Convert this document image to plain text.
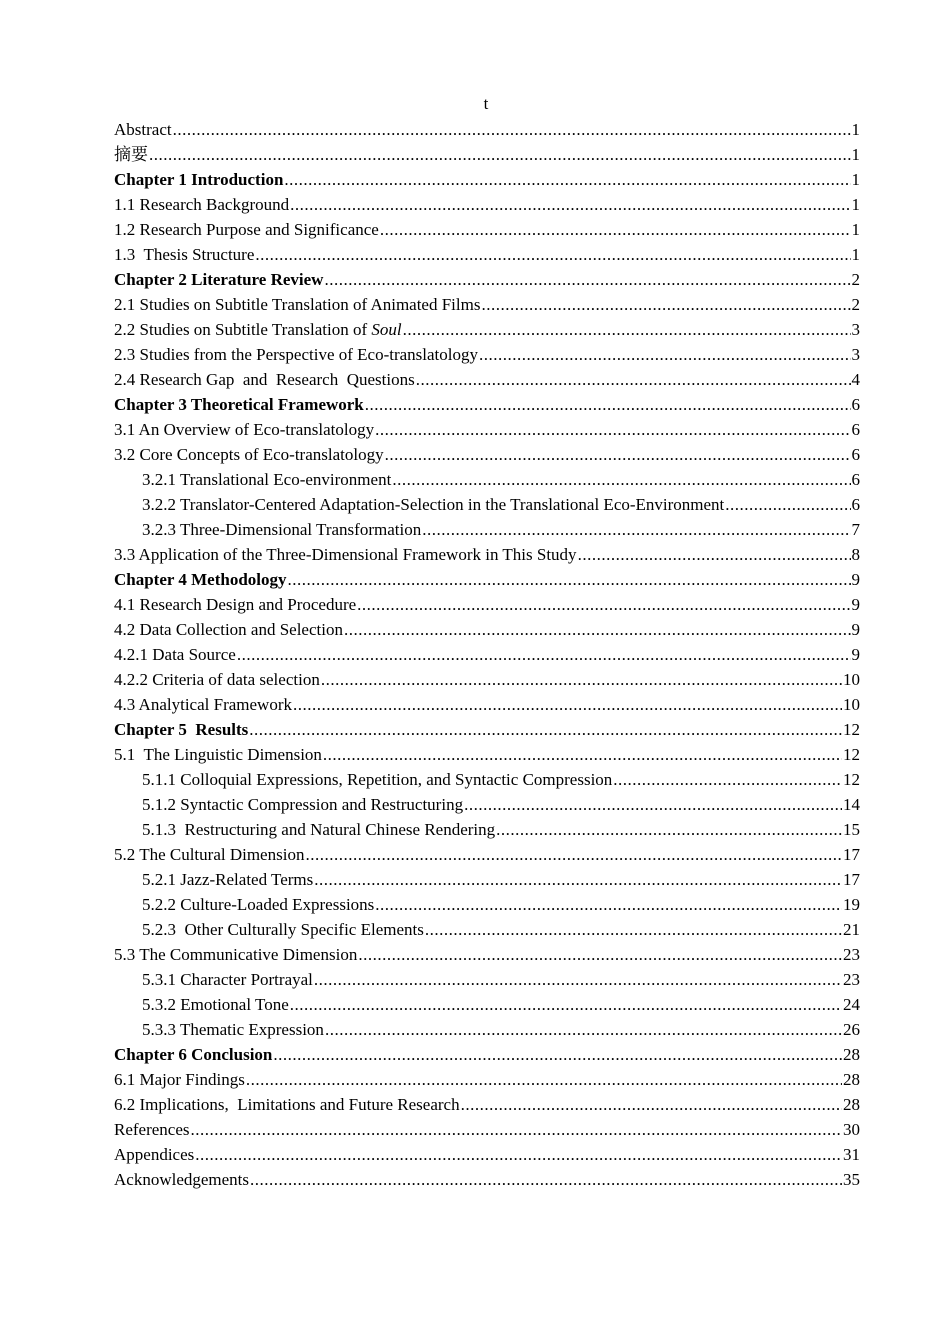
t
Abstract .....	1
摘要 .....	1
Chapter 1 Introduction .....	1
1.1 Research Background .....	1
1.2 Research Purpose and Significance .....	1
1.3  Thesis Structure .....	1
Chapter 2 Literature Review .....	2
2.1 Studies on Subtitle Translation of Animated Films .....	2
2.2 Studies on Subtitle Translation of Soul .....	3
2.3 Studies from the Perspective of Eco-translatology .....	3
2.4 Research Gap  and  Research  Questions .....	4
Chapter 3 Theoretical Framework .....	6
3.1 An Overview of Eco-translatology .....	6
3.2 Core Concepts of Eco-translatology .....	6
3.2.1 Translational Eco-environment .....	6
3.2.2 Translator-Centered Adaptation-Selection in the Translational Eco-Environment .....	6
3.2.3 Three-Dimensional Transformation .....	7
3.3 Application of the Three-Dimensional Framework in This Study .....	8
Chapter 4 Methodology .....	9
4.1 Research Design and Procedure .....	9
4.2 Data Collection and Selection .....	9
4.2.1 Data Source .....	9
4.2.2 Criteria of data selection .....	10
4.3 Analytical Framework .....	10
Chapter 5  Results .....	12
5.1  The Linguistic Dimension .....	12
5.1.1 Colloquial Expressions, Repetition, and Syntactic Compression .....	12
5.1.2 Syntactic Compression and Restructuring .....	14
5.1.3  Restructuring and Natural Chinese Rendering .....	15
5.2 The Cultural Dimension .....	17
5.2.1 Jazz-Related Terms .....	17
5.2.2 Culture-Loaded Expressions .....	19
5.2.3  Other Culturally Specific Elements .....	21
5.3 The Communicative Dimension .....	23
5.3.1 Character Portrayal .....	23
5.3.2 Emotional Tone .....	24
5.3.3 Thematic Expression .....	26
Chapter 6 Conclusion .....	28
6.1 Major Findings .....	28
6.2 Implications,  Limitations and Future Research .....	28
References .....	30
Appendices .....	31
Acknowledgements .....	35
